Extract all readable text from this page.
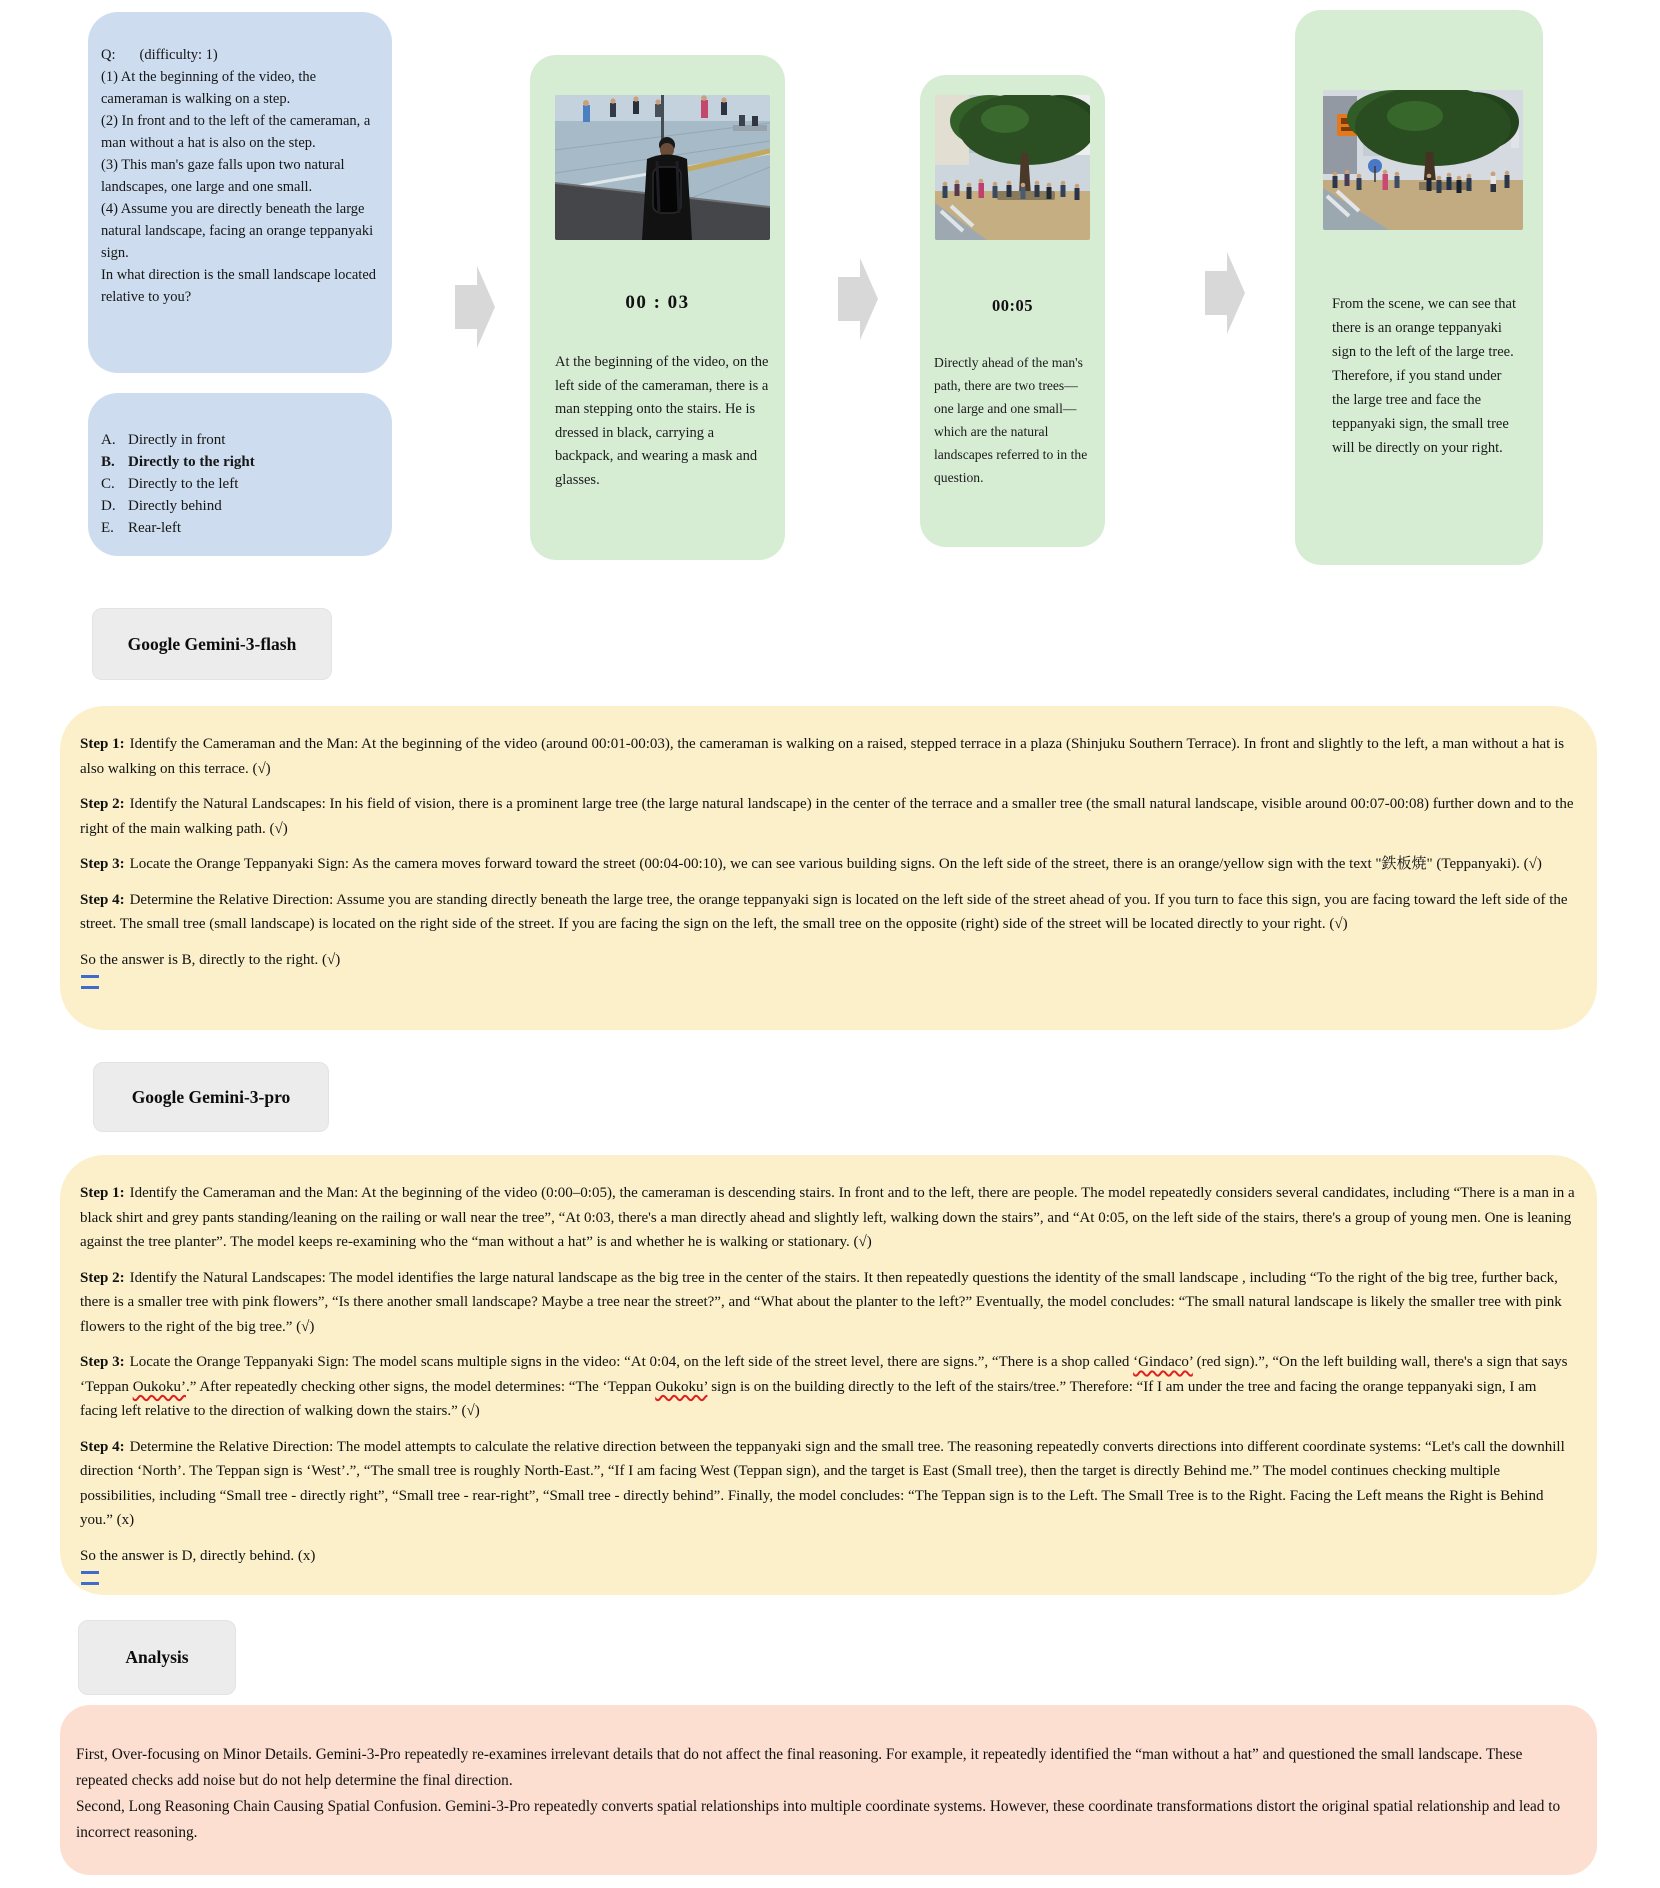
Q: (difficulty: 1)

(1) At the beginning of the video, the cameraman is walking on a step.

(2) In front and to the left of the cameraman, a man without a hat is also on the step.

(3) This man's gaze falls upon two natural landscapes, one large and one small.

(4) Assume you are directly beneath the large natural landscape, facing an orange teppanyaki sign.

In what direction is the small landscape located relative to you?

A. Directly in front
B. Directly to the right
C. Directly to the left
D. Directly behind
E. Rear-left
00 : 03
At the beginning of the video, on the left side of the cameraman, there is a man stepping onto the stairs. He is dressed in black, carrying a backpack, and wearing a mask and glasses.
00:05
Directly ahead of the man's path, there are two trees—one large and one small—which are the natural landscapes referred to in the question.
From the scene, we can see that there is an orange teppanyaki sign to the left of the large tree. Therefore, if you stand under the large tree and face the teppanyaki sign, the small tree will be directly on your right.
Google Gemini-3-flash

Step 1: Identify the Cameraman and the Man: At the beginning of the video (around 00:01-00:03), the cameraman is walking on a raised, stepped terrace in a plaza (Shinjuku Southern Terrace). In front and slightly to the left, a man without a hat is also walking on this terrace. (√)

Step 2: Identify the Natural Landscapes: In his field of vision, there is a prominent large tree (the large natural landscape) in the center of the terrace and a smaller tree (the small natural landscape, visible around 00:07-00:08) further down and to the right of the main walking path. (√)

Step 3: Locate the Orange Teppanyaki Sign: As the camera moves forward toward the street (00:04-00:10), we can see various building signs. On the left side of the street, there is an orange/yellow sign with the text "鉄板焼" (Teppanyaki). (√)

Step 4: Determine the Relative Direction: Assume you are standing directly beneath the large tree, the orange teppanyaki sign is located on the left side of the street ahead of you. If you turn to face this sign, you are facing toward the left side of the street. The small tree (small landscape) is located on the right side of the street. If you are facing the sign on the left, the small tree on the opposite (right) side of the street will be located directly to your right. (√)

So the answer is B, directly to the right. (√)

Google Gemini-3-pro

Step 1: Identify the Cameraman and the Man: At the beginning of the video (0:00–0:05), the cameraman is descending stairs. In front and to the left, there are people. The model repeatedly considers several candidates, including “There is a man in a black shirt and grey pants standing/leaning on the railing or wall near the tree”, “At 0:03, there's a man directly ahead and slightly left, walking down the stairs”, and “At 0:05, on the left side of the stairs, there's a group of young men. One is leaning against the tree planter”. The model keeps re-examining who the “man without a hat” is and whether he is walking or stationary. (√)

Step 2: Identify the Natural Landscapes: The model identifies the large natural landscape as the big tree in the center of the stairs. It then repeatedly questions the identity of the small landscape , including “To the right of the big tree, further back, there is a smaller tree with pink flowers”, “Is there another small landscape? Maybe a tree near the street?”, and “What about the planter to the left?” Eventually, the model concludes: “The small natural landscape is likely the smaller tree with pink flowers to the right of the big tree.” (√)

Step 3: Locate the Orange Teppanyaki Sign: The model scans multiple signs in the video: “At 0:04, on the left side of the street level, there are signs.”, “There is a shop called ‘Gindaco’ (red sign).”, “On the left building wall, there's a sign that says ‘Teppan Oukoku’.” After repeatedly checking other signs, the model determines: “The ‘Teppan Oukoku’ sign is on the building directly to the left of the stairs/tree.” Therefore: “If I am under the tree and facing the orange teppanyaki sign, I am facing left relative to the direction of walking down the stairs.” (√)

Step 4: Determine the Relative Direction: The model attempts to calculate the relative direction between the teppanyaki sign and the small tree. The reasoning repeatedly converts directions into different coordinate systems: “Let's call the downhill direction ‘North’. The Teppan sign is ‘West’.”, “The small tree is roughly North-East.”, “If I am facing West (Teppan sign), and the target is East (Small tree), then the target is directly Behind me.” The model continues checking multiple possibilities, including “Small tree - directly right”, “Small tree - rear-right”, “Small tree - directly behind”. Finally, the model concludes: “The Teppan sign is to the Left. The Small Tree is to the Right. Facing the Left means the Right is Behind you.” (x)

So the answer is D, directly behind. (x)

Analysis

First, Over-focusing on Minor Details. Gemini-3-Pro repeatedly re-examines irrelevant details that do not affect the final reasoning. For example, it repeatedly identified the “man without a hat” and questioned the small landscape. These repeated checks add noise but do not help determine the final direction.

Second, Long Reasoning Chain Causing Spatial Confusion. Gemini-3-Pro repeatedly converts spatial relationships into multiple coordinate systems. However, these coordinate transformations distort the original spatial relationship and lead to incorrect reasoning.
